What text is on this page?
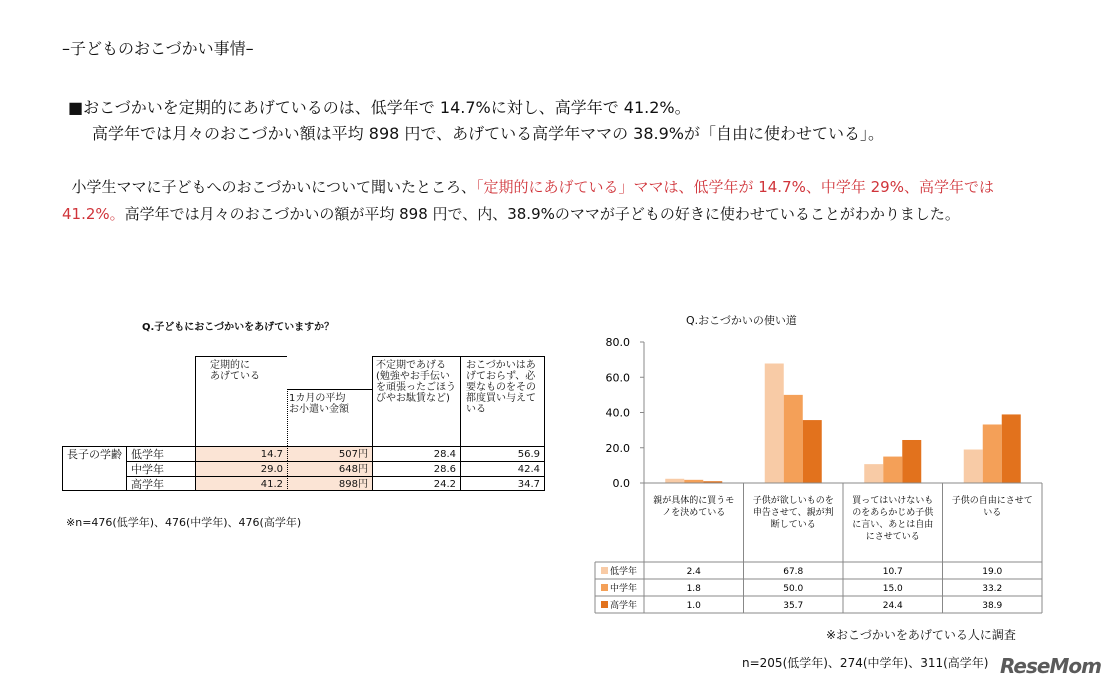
–子どものおこづかい事情–
■おこづかいを定期的にあげているのは、低学年で 14.7%に対し、高学年で 41.2%。
高学年では月々のおこづかい額は平均 898 円で、あげている高学年ママの 38.9%が「自由に使わせている」。
小学生ママに子どもへのおこづかいについて聞いたところ、「定期的にあげている」ママは、低学年が 14.7%、中学年 29%、高学年では 41.2%。高学年では月々のおこづかいの額が平均 898 円で、内、38.9%のママが子どもの好きに使わせていることがわかりました。
Q.子どもにおこづかいをあげていますか？
定期的に
あげている
1カ月の平均
お小遣い金額
不定期であげる(勉強やお手伝いを頑張ったごほうびやお駄賃など)
おこづかいはあげておらず、必要なものをその都度買い与えている
長子の学齢 低学年	14.7	507円	28.4	56.9
中学年	29.0	648円	28.6	42.4
高学年	41.2	898円	24.2	34.7
※n=476(低学年)、476(中学年)、476(高学年)
Q.おこづかいの使い道
0.0
20.0
40.0
60.0
80.0
親が具体的に買うモノを決めている
子供が欲しいものを申告させて、親が判断している
買ってはいけないものをあらかじめ子供に言い、あとは自由にさせている
子供の自由にさせている
低学年	2.4	67.8	10.7	19.0
中学年	1.8	50.0	15.0	33.2
高学年	1.0	35.7	24.4	38.9
※おこづかいをあげている人に調査
n=205(低学年)、274(中学年)、311(高学年) ReseMom
